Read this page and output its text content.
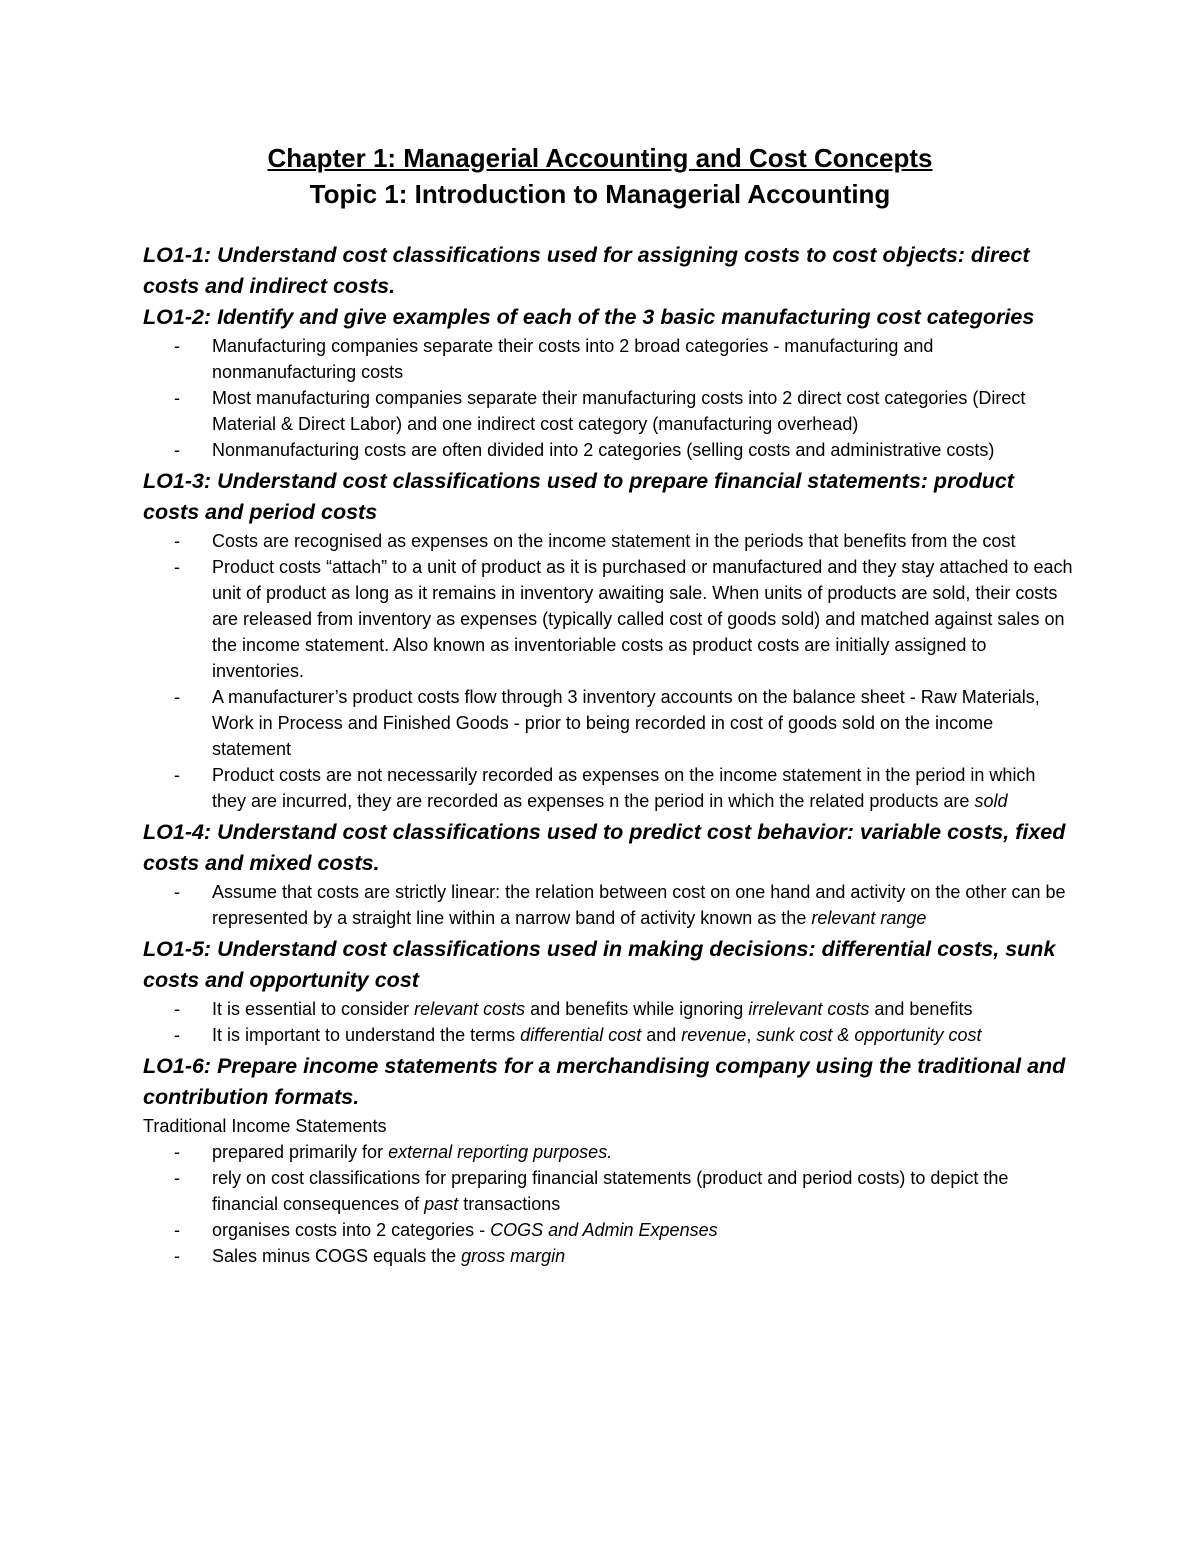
Chapter 1: Managerial Accounting and Cost Concepts

Topic 1: Introduction to Managerial Accounting

LO1-1: Understand cost classifications used for assigning costs to cost objects: direct costs and indirect costs.

LO1-2: Identify and give examples of each of the 3 basic manufacturing cost categories

- Manufacturing companies separate their costs into 2 broad categories - manufacturing and nonmanufacturing costs
- Most manufacturing companies separate their manufacturing costs into 2 direct cost categories (Direct Material & Direct Labor) and one indirect cost category (manufacturing overhead)
- Nonmanufacturing costs are often divided into 2 categories (selling costs and administrative costs)

LO1-3: Understand cost classifications used to prepare financial statements: product costs and period costs

- Costs are recognised as expenses on the income statement in the periods that benefits from the cost
- Product costs “attach” to a unit of product as it is purchased or manufactured and they stay attached to each unit of product as long as it remains in inventory awaiting sale. When units of products are sold, their costs are released from inventory as expenses (typically called cost of goods sold) and matched against sales on the income statement. Also known as inventoriable costs as product costs are initially assigned to inventories.
- A manufacturer’s product costs flow through 3 inventory accounts on the balance sheet - Raw Materials, Work in Process and Finished Goods - prior to being recorded in cost of goods sold on the income statement
- Product costs are not necessarily recorded as expenses on the income statement in the period in which they are incurred, they are recorded as expenses n the period in which the related products are sold

LO1-4: Understand cost classifications used to predict cost behavior: variable costs, fixed costs and mixed costs.

- Assume that costs are strictly linear: the relation between cost on one hand and activity on the other can be represented by a straight line within a narrow band of activity known as the relevant range

LO1-5: Understand cost classifications used in making decisions: differential costs, sunk costs and opportunity cost

- It is essential to consider relevant costs and benefits while ignoring irrelevant costs and benefits
- It is important to understand the terms differential cost and revenue, sunk cost & opportunity cost

LO1-6: Prepare income statements for a merchandising company using the traditional and contribution formats.

Traditional Income Statements

- prepared primarily for external reporting purposes.
- rely on cost classifications for preparing financial statements (product and period costs) to depict the financial consequences of past transactions
- organises costs into 2 categories - COGS and Admin Expenses
- Sales minus COGS equals the gross margin
